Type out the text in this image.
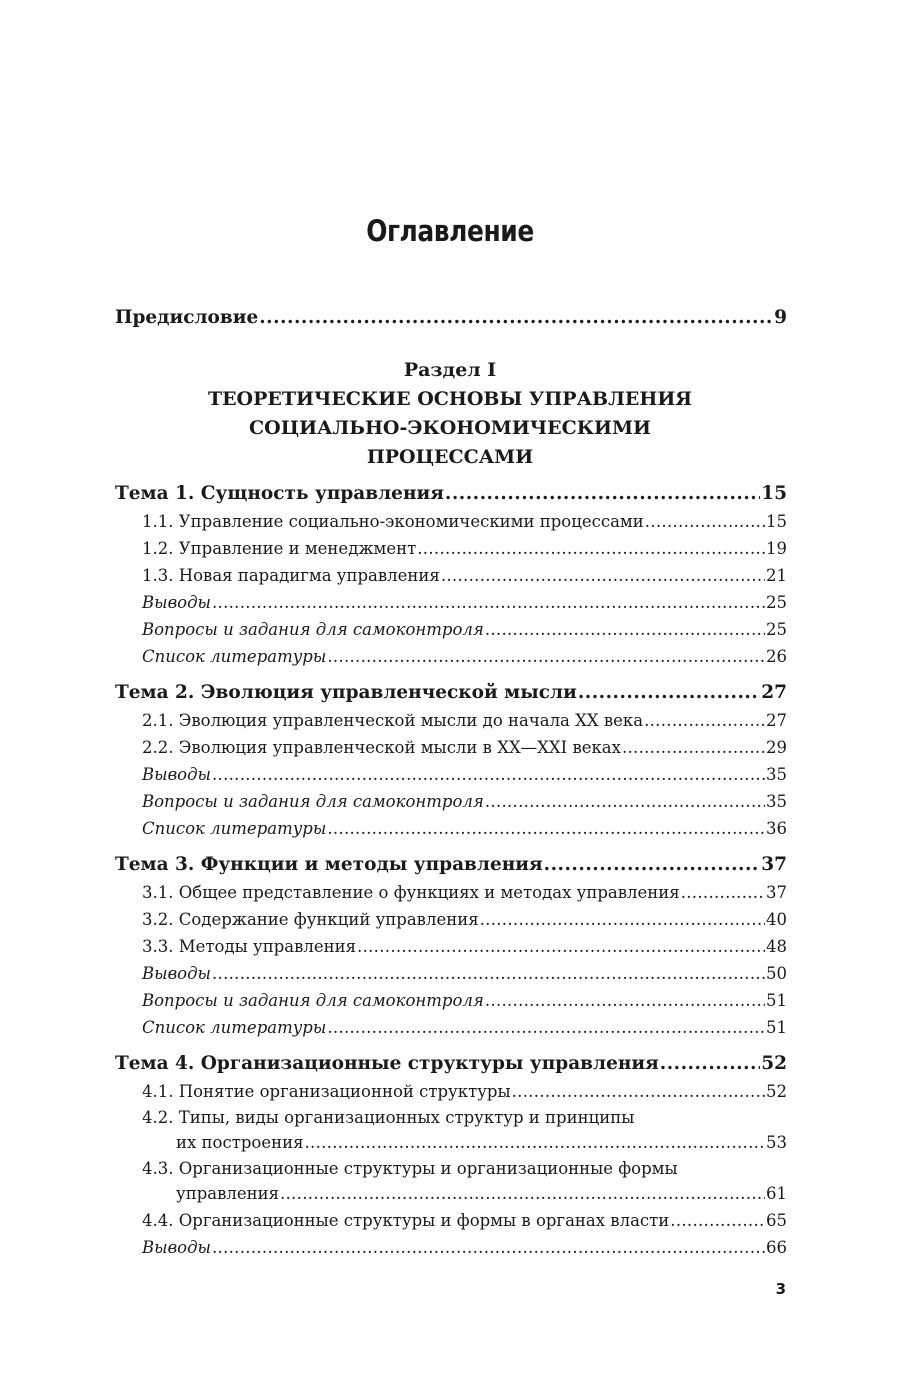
Оглавление
Предисловие .....	9
Раздел I
ТЕОРЕТИЧЕСКИЕ ОСНОВЫ УПРАВЛЕНИЯ
СОЦИАЛЬНО-ЭКОНОМИЧЕСКИМИ
ПРОЦЕССАМИ
Тема 1. Сущность управления .....	15
1.1. Управление социально-экономическими процессами .....	15
1.2. Управление и менеджмент .....	19
1.3. Новая парадигма управления .....	21
Выводы .....	25
Вопросы и задания для самоконтроля .....	25
Список литературы .....	26
Тема 2. Эволюция управленческой мысли .....	27
2.1. Эволюция управленческой мысли до начала XX века .....	27
2.2. Эволюция управленческой мысли в XX—XXI веках .....	29
Выводы .....	35
Вопросы и задания для самоконтроля .....	35
Список литературы .....	36
Тема 3. Функции и методы управления .....	37
3.1. Общее представление о функциях и методах управления .....	37
3.2. Содержание функций управления .....	40
3.3. Методы управления .....	48
Выводы .....	50
Вопросы и задания для самоконтроля .....	51
Список литературы .....	51
Тема 4. Организационные структуры управления .....	52
4.1. Понятие организационной структуры .....	52
4.2. Типы, виды организационных структур и принципы
их построения .....	53
4.3. Организационные структуры и организационные формы
управления .....	61
4.4. Организационные структуры и формы в органах власти .....	65
Выводы .....	66
3
